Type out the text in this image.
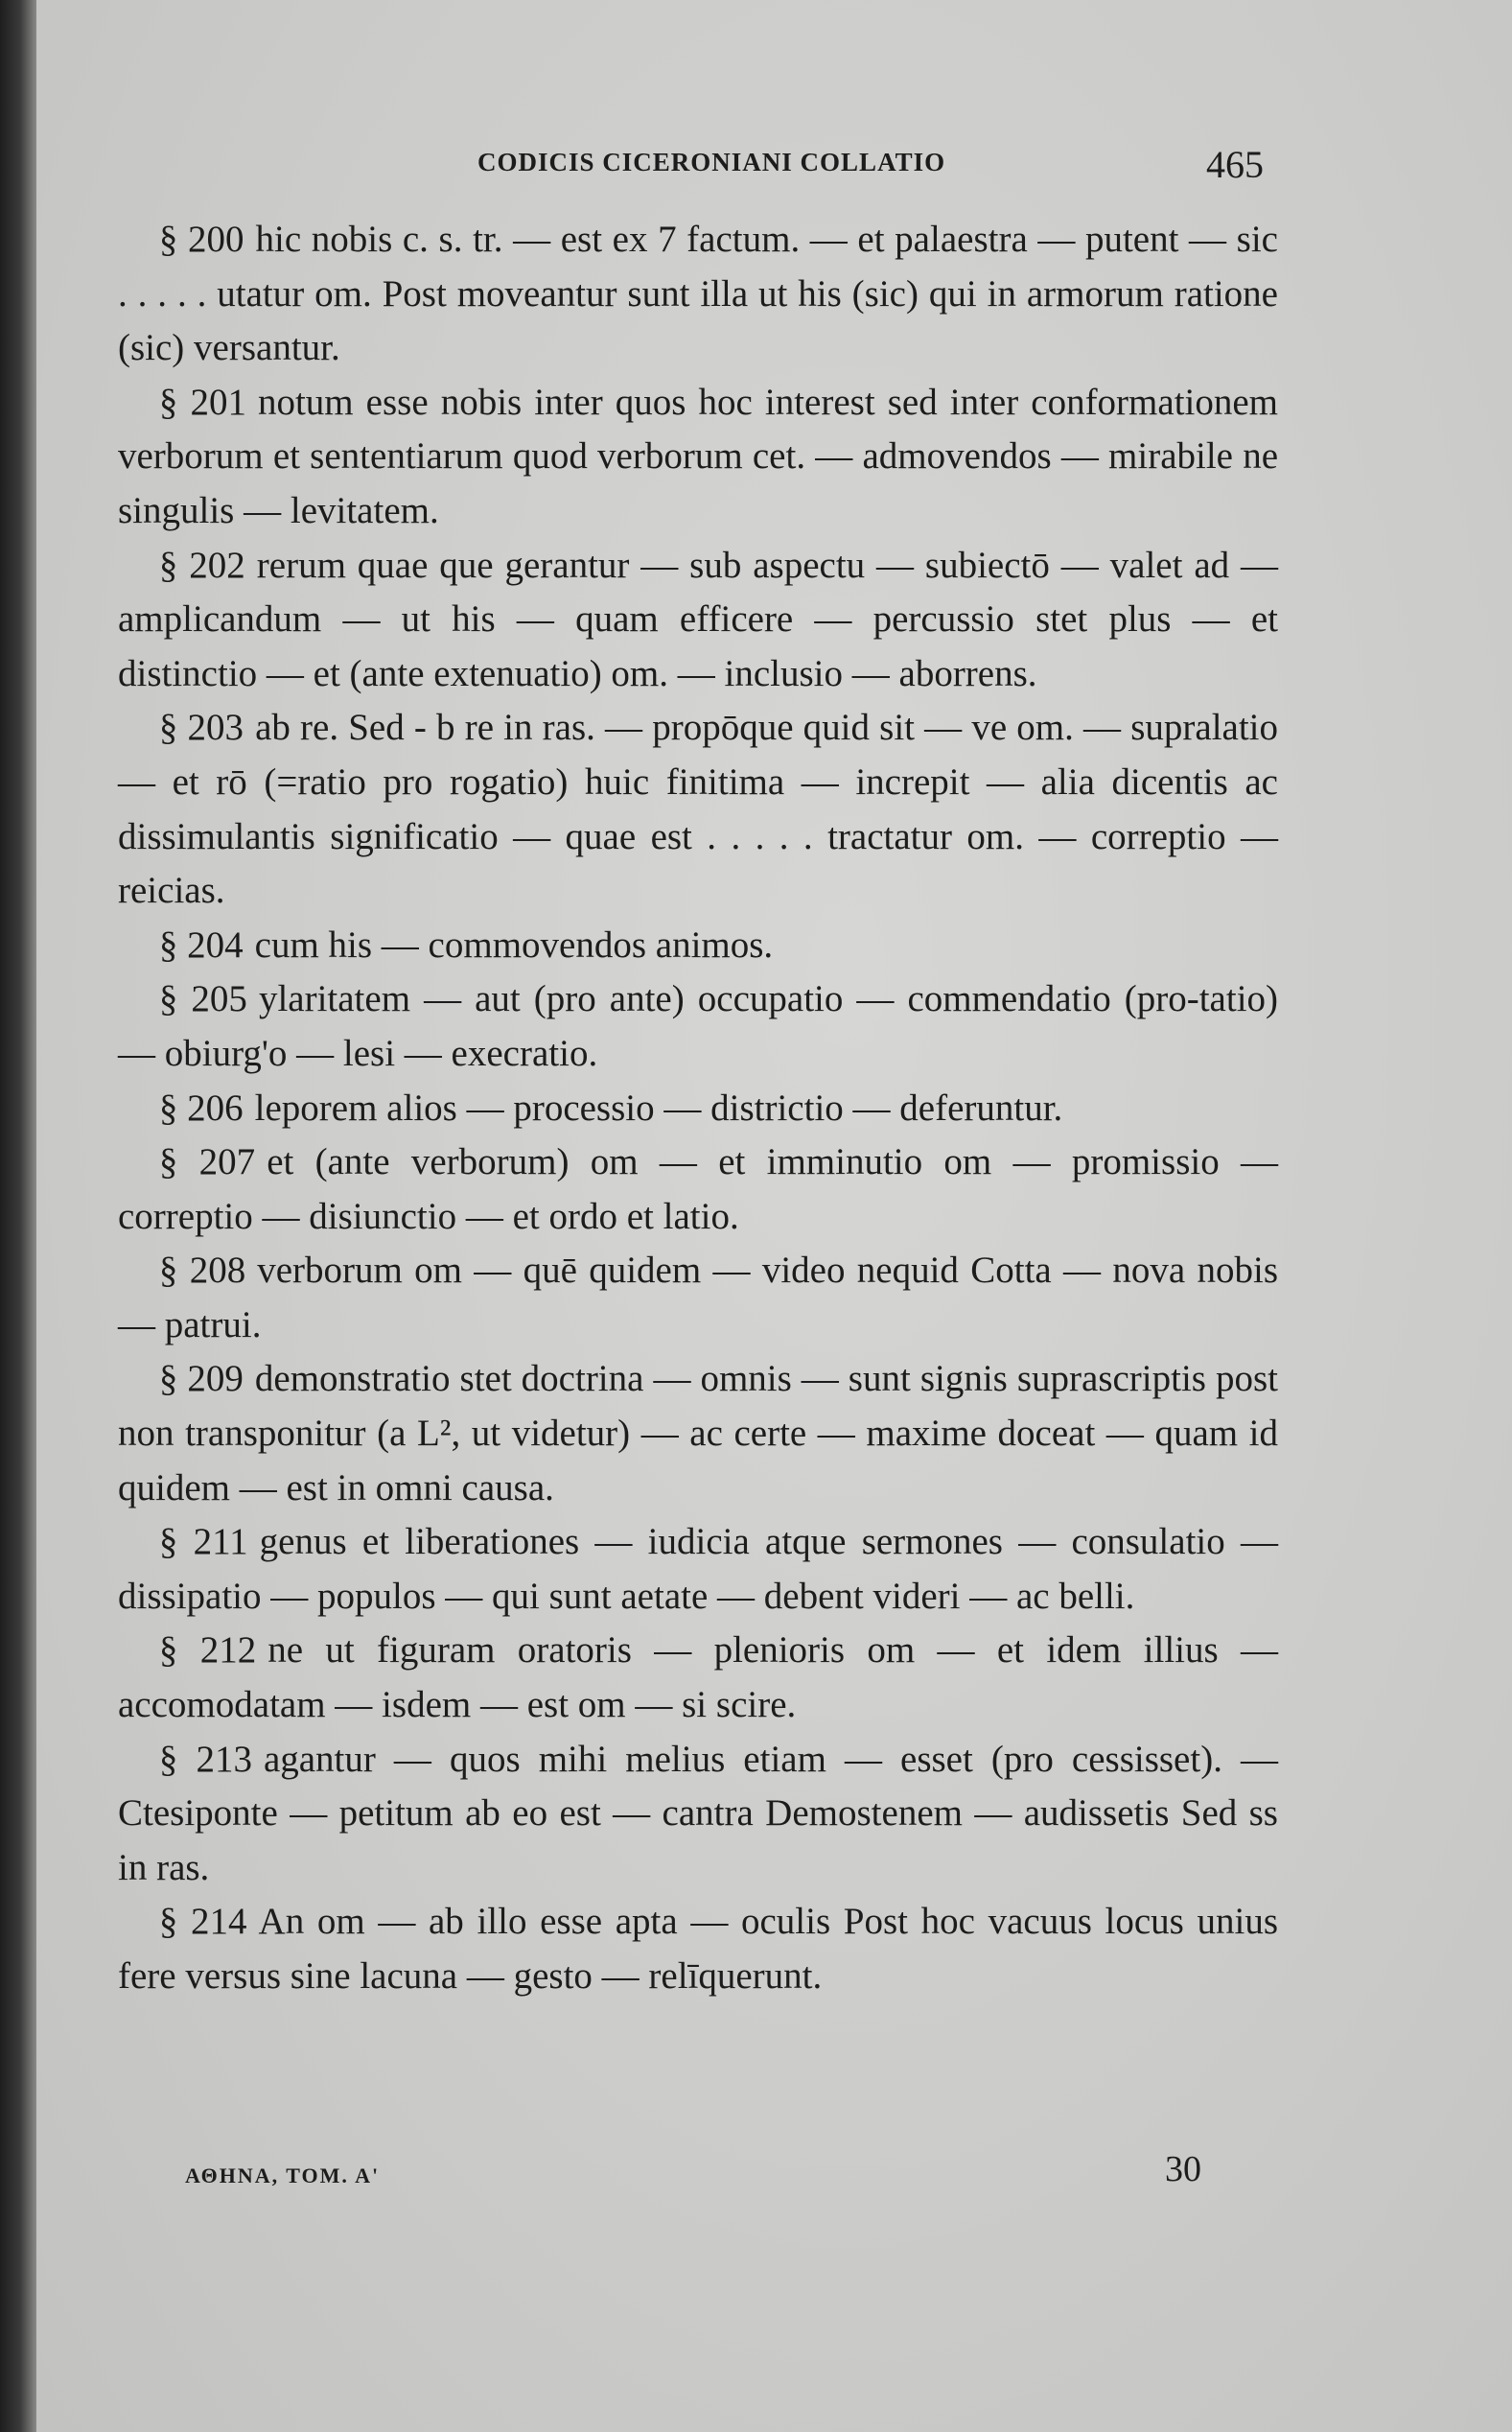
CODICIS CICERONIANI COLLATIO	465

§ 200 hic nobis c. s. tr. — est ex 7 factum. — et palaestra — putent — sic . . . . . utatur om. Post moveantur sunt illa ut his (sic) qui in armorum ratione (sic) versantur.

§ 201 notum esse nobis inter quos hoc interest sed inter conformationem verborum et sententiarum quod verborum cet. — admovendos — mirabile ne singulis — levitatem.

§ 202 rerum quae que gerantur — sub aspectu — subiectō — valet ad — amplicandum — ut his — quam efficere — percussio stet plus — et distinctio — et (ante extenuatio) om. — inclusio — aborrens.

§ 203 ab re. Sed - b re in ras. — propōque quid sit — ve om. — supralatio — et rō (=ratio pro rogatio) huic finitima — increpit — alia dicentis ac dissimulantis significatio — quae est . . . . . tractatur om. — correptio — reicias.

§ 204 cum his — commovendos animos.

§ 205 ylaritatem — aut (pro ante) occupatio — commendatio (pro-tatio) — obiurg'o — lesi — execratio.

§ 206 leporem alios — processio — districtio — deferuntur.

§ 207 et (ante verborum) om — et imminutio om — promissio — correptio — disiunctio — et ordo et latio.

§ 208 verborum om — quē quidem — video nequid Cotta — nova nobis — patrui.

§ 209 demonstratio stet doctrina — omnis — sunt signis suprascriptis post non transponitur (a L², ut videtur) — ac certe — maxime doceat — quam id quidem — est in omni causa.

§ 211 genus et liberationes — iudicia atque sermones — consulatio — dissipatio — populos — qui sunt aetate — debent videri — ac belli.

§ 212 ne ut figuram oratoris — plenioris om — et idem illius — accomodatam — isdem — est om — si scire.

§ 213 agantur — quos mihi melius etiam — esset (pro cessisset). — Ctesiponte — petitum ab eo est — cantra Demostenem — audissetis Sed ss in ras.

§ 214 An om — ab illo esse apta — oculis Post hoc vacuus locus unius fere versus sine lacuna — gesto — relīquerunt.

ΑΘΗΝΑ, ΤΟΜ. Α'	30
